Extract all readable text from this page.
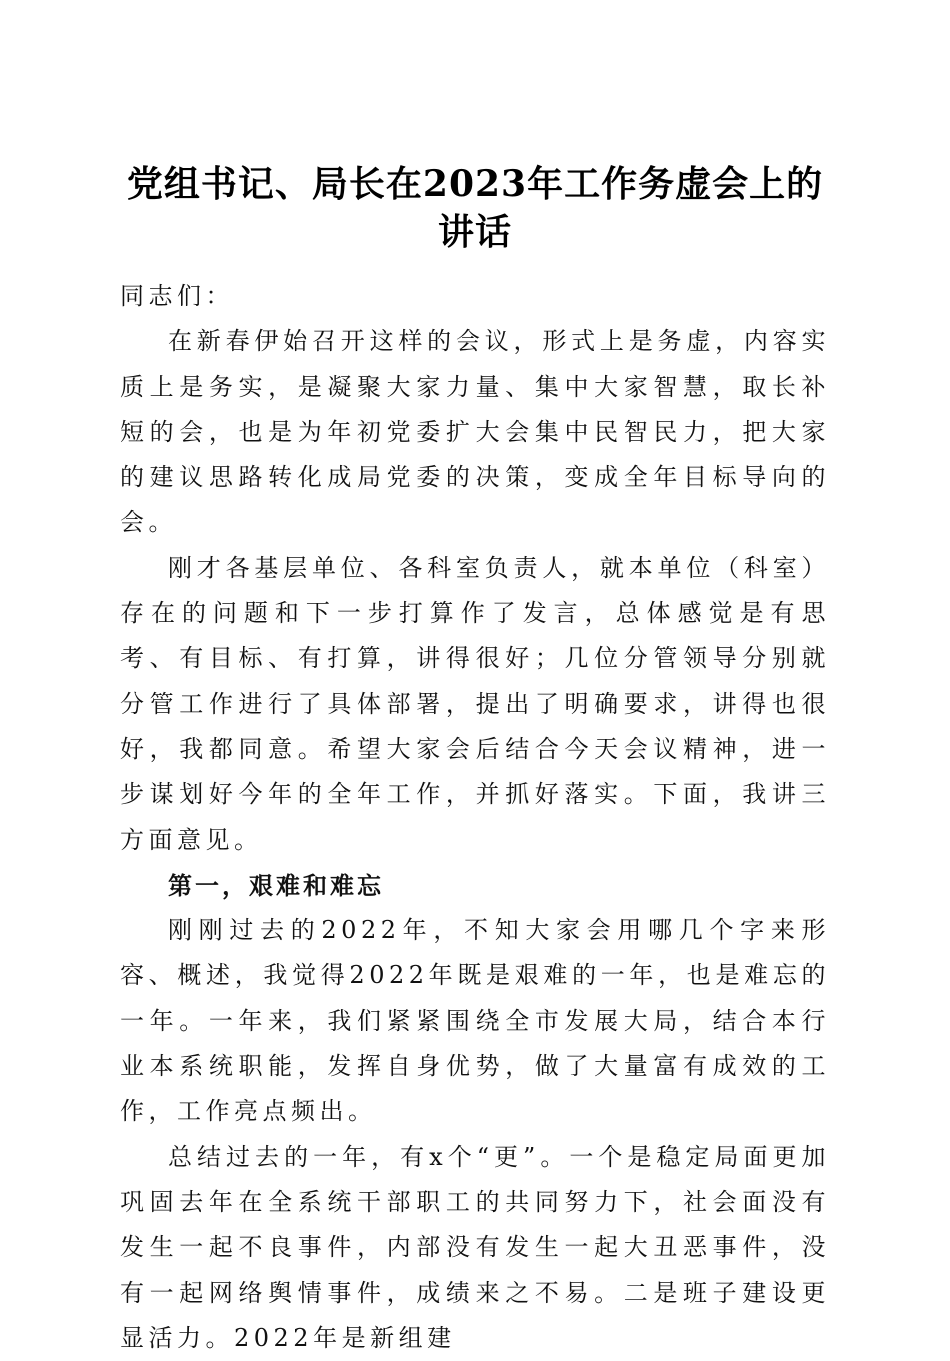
党组书记、局长在2023年工作务虚会上的讲话

同志们：

在新春伊始召开这样的会议，形式上是务虚，内容实质上是务实，是凝聚大家力量、集中大家智慧，取长补短的会，也是为年初党委扩大会集中民智民力，把大家的建议思路转化成局党委的决策，变成全年目标导向的会。

刚才各基层单位、各科室负责人，就本单位（科室）存在的问题和下一步打算作了发言，总体感觉是有思考、有目标、有打算，讲得很好；几位分管领导分别就分管工作进行了具体部署，提出了明确要求，讲得也很好，我都同意。希望大家会后结合今天会议精神，进一步谋划好今年的全年工作，并抓好落实。下面，我讲三方面意见。

第一，艰难和难忘

刚刚过去的2022年，不知大家会用哪几个字来形容、概述，我觉得2022年既是艰难的一年，也是难忘的一年。一年来，我们紧紧围绕全市发展大局，结合本行业本系统职能，发挥自身优势，做了大量富有成效的工作，工作亮点频出。

总结过去的一年，有x个“更”。一个是稳定局面更加巩固去年在全系统干部职工的共同努力下，社会面没有发生一起不良事件，内部没有发生一起大丑恶事件，没有一起网络舆情事件，成绩来之不易。二是班子建设更显活力。2022年是新组建
